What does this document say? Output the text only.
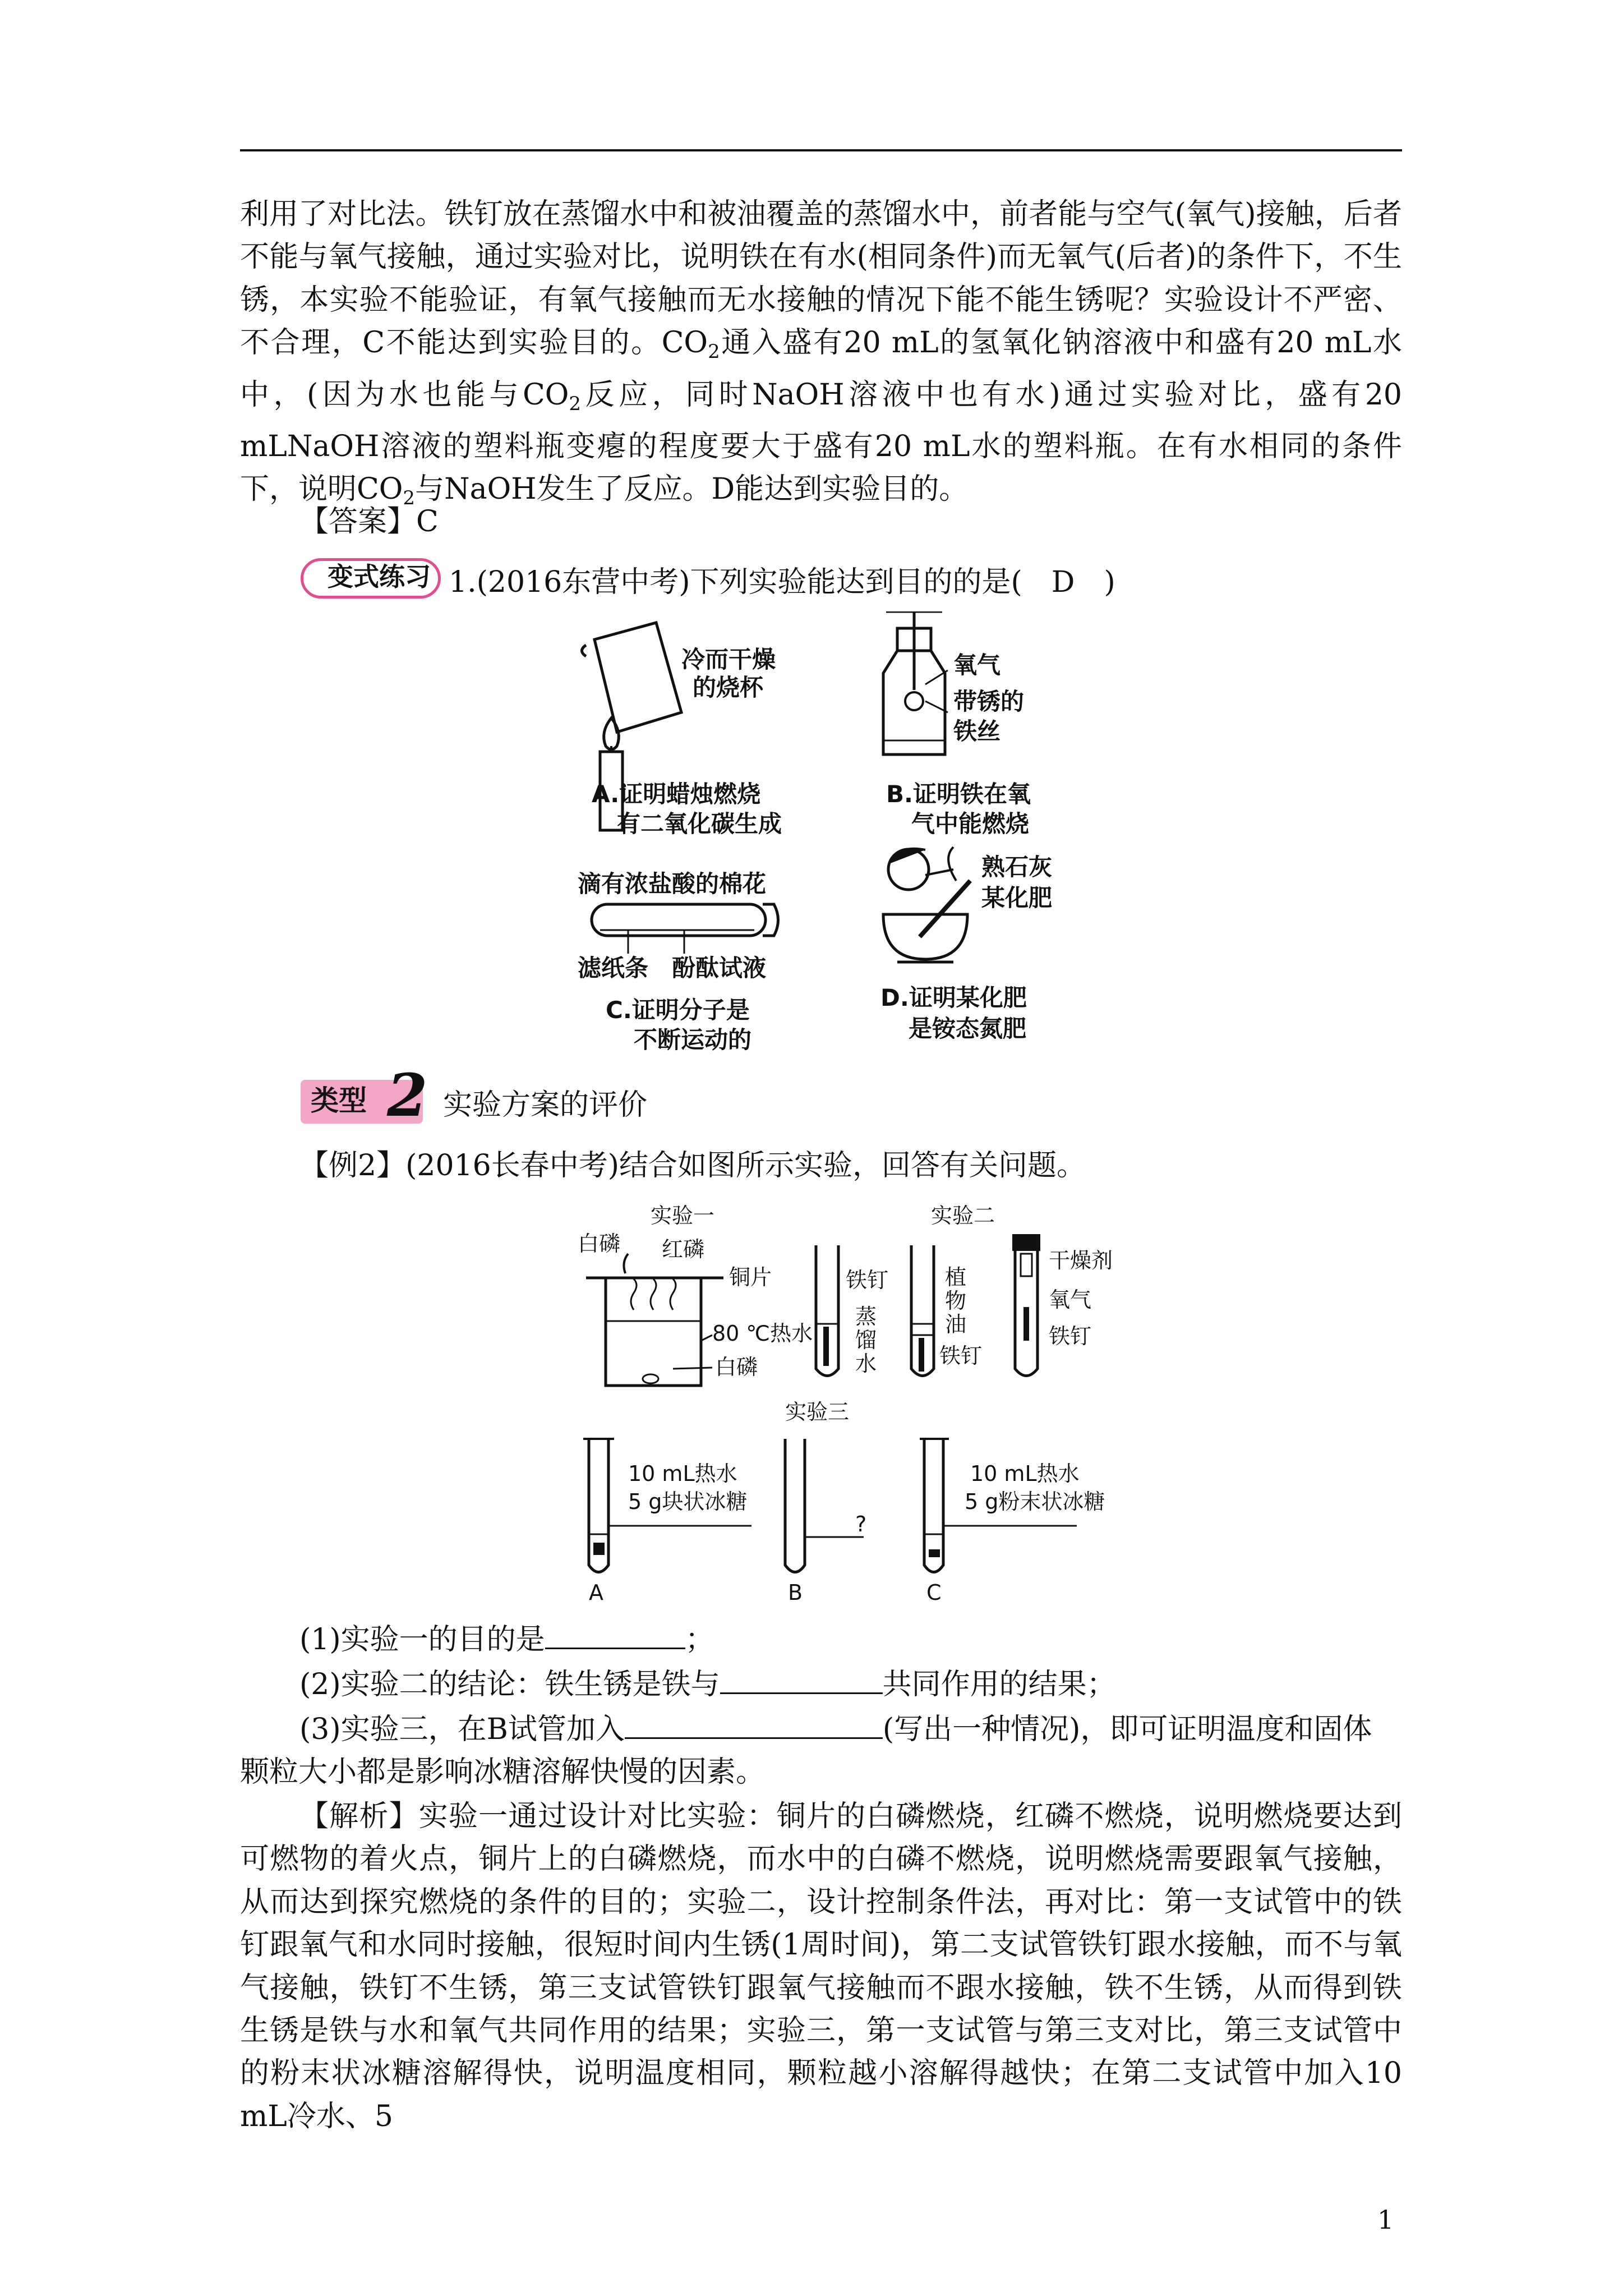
利用了对比法。铁钉放在蒸馏水中和被油覆盖的蒸馏水中，前者能与空气(氧气)接触，后者不能与氧气接触，通过实验对比，说明铁在有水(相同条件)而无氧气(后者)的条件下，不生锈，本实验不能验证，有氧气接触而无水接触的情况下能不能生锈呢？实验设计不严密、不合理，C不能达到实验目的。$CO_2$通入盛有20 mL的氢氧化钠溶液中和盛有20 mL水中，(因为水也能与$CO_2$反应，同时NaOH溶液中也有水)通过实验对比，盛有20 mLNaOH溶液的塑料瓶变瘪的程度要大于盛有20 mL水的塑料瓶。在有水相同的条件下，说明$CO_2$与NaOH发生了反应。D能达到实验目的。

【答案】C
变式练习 1.(2016东营中考)下列实验能达到目的的是(　D　)
冷而干燥
的烧杯
A.证明蜡烛燃烧
有二氧化碳生成
氧气
带锈的
铁丝
B.证明铁在氧
气中能燃烧
滴有浓盐酸的棉花
滤纸条　酚酞试液
C.证明分子是
不断运动的
熟石灰
某化肥
D.证明某化肥
是铵态氮肥
类型 2 实验方案的评价
【例2】(2016长春中考)结合如图所示实验，回答有关问题。
实验一
白磷 红磷
铜片
80 ℃热水
白磷
实验二
铁钉
蒸
馏
水
植
物
油
铁钉
干燥剂
氧气
铁钉
实验三
10 mL热水
5 g块状冰糖
?
10 mL热水
5 g粉末状冰糖
A	B	C
(1)实验一的目的是	；
(2)实验二的结论：铁生锈是铁与	共同作用的结果；
(3)实验三，在B试管加入	(写出一种情况)，即可证明温度和固体
颗粒大小都是影响冰糖溶解快慢的因素。

【解析】实验一通过设计对比实验：铜片的白磷燃烧，红磷不燃烧，说明燃烧要达到可燃物的着火点，铜片上的白磷燃烧，而水中的白磷不燃烧，说明燃烧需要跟氧气接触，从而达到探究燃烧的条件的目的；实验二，设计控制条件法，再对比：第一支试管中的铁钉跟氧气和水同时接触，很短时间内生锈(1周时间)，第二支试管铁钉跟水接触，而不与氧气接触，铁钉不生锈，第三支试管铁钉跟氧气接触而不跟水接触，铁不生锈，从而得到铁生锈是铁与水和氧气共同作用的结果；实验三，第一支试管与第三支对比，第三支试管中的粉末状冰糖溶解得快，说明温度相同，颗粒越小溶解得越快；在第二支试管中加入10 mL冷水、5

1
